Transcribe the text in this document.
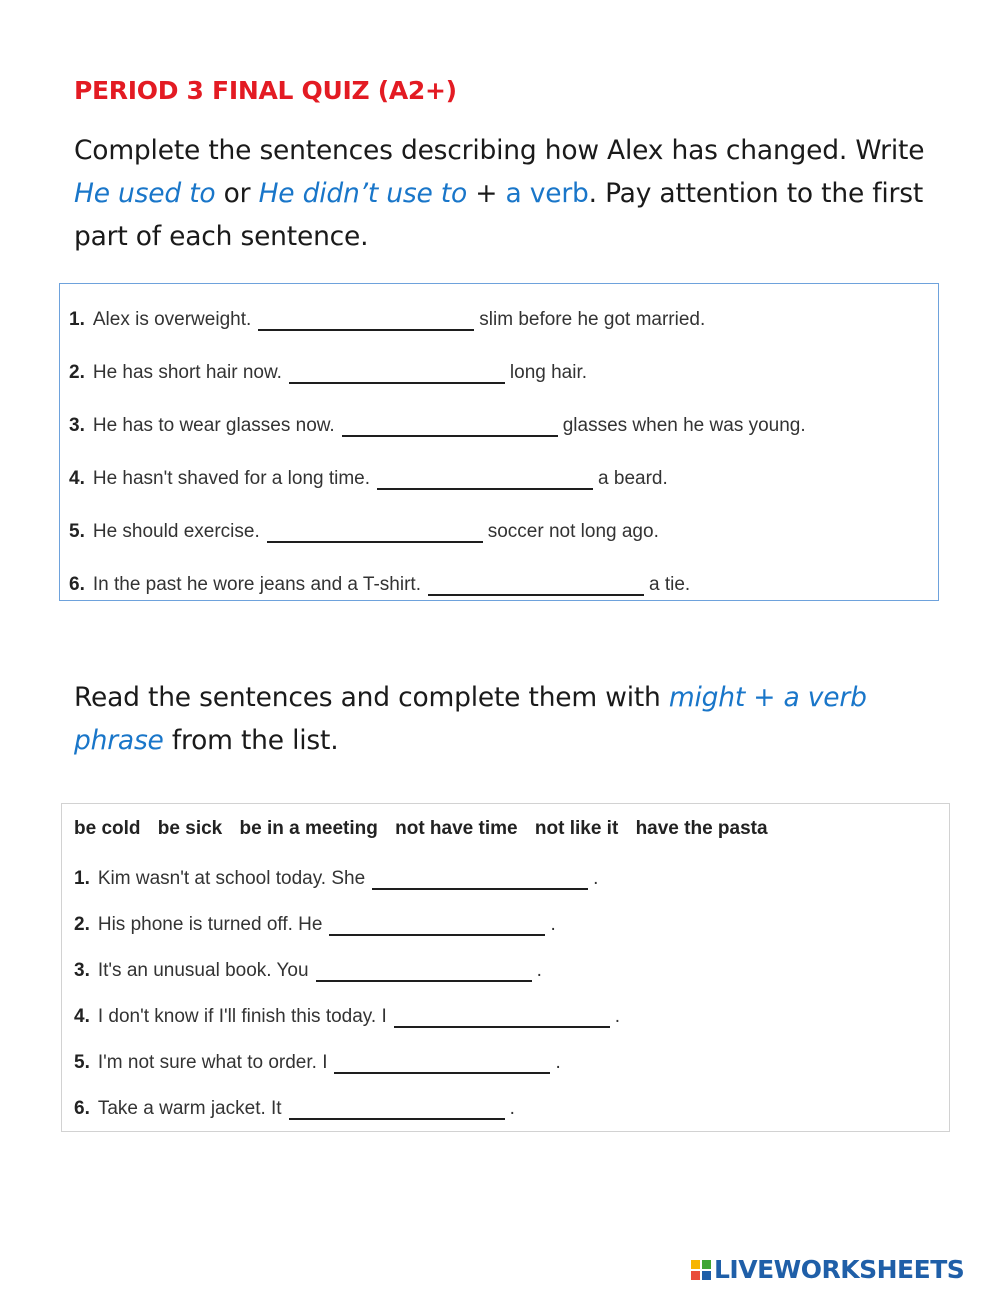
PERIOD 3 FINAL QUIZ (A2+)

Complete the sentences describing how Alex has changed. Write He used to or He didn’t use to + a verb. Pay attention to the first part of each sentence.

1. Alex is overweight.	slim before he got married.
2. He has short hair now.	long hair.
3. He has to wear glasses now.	glasses when he was young.
4. He hasn't shaved for a long time.	a beard.
5. He should exercise.	soccer not long ago.
6. In the past he wore jeans and a T-shirt.	a tie.

Read the sentences and complete them with might + a verb phrase from the list.

be cold be sick be in a meeting not have time not like it have the pasta
1. Kim wasn't at school today. She	.
2. His phone is turned off. He	.
3. It's an unusual book. You	.
4. I don't know if I'll finish this today. I	.
5. I'm not sure what to order. I	.
6. Take a warm jacket. It	.
LIVEWORKSHEETS
